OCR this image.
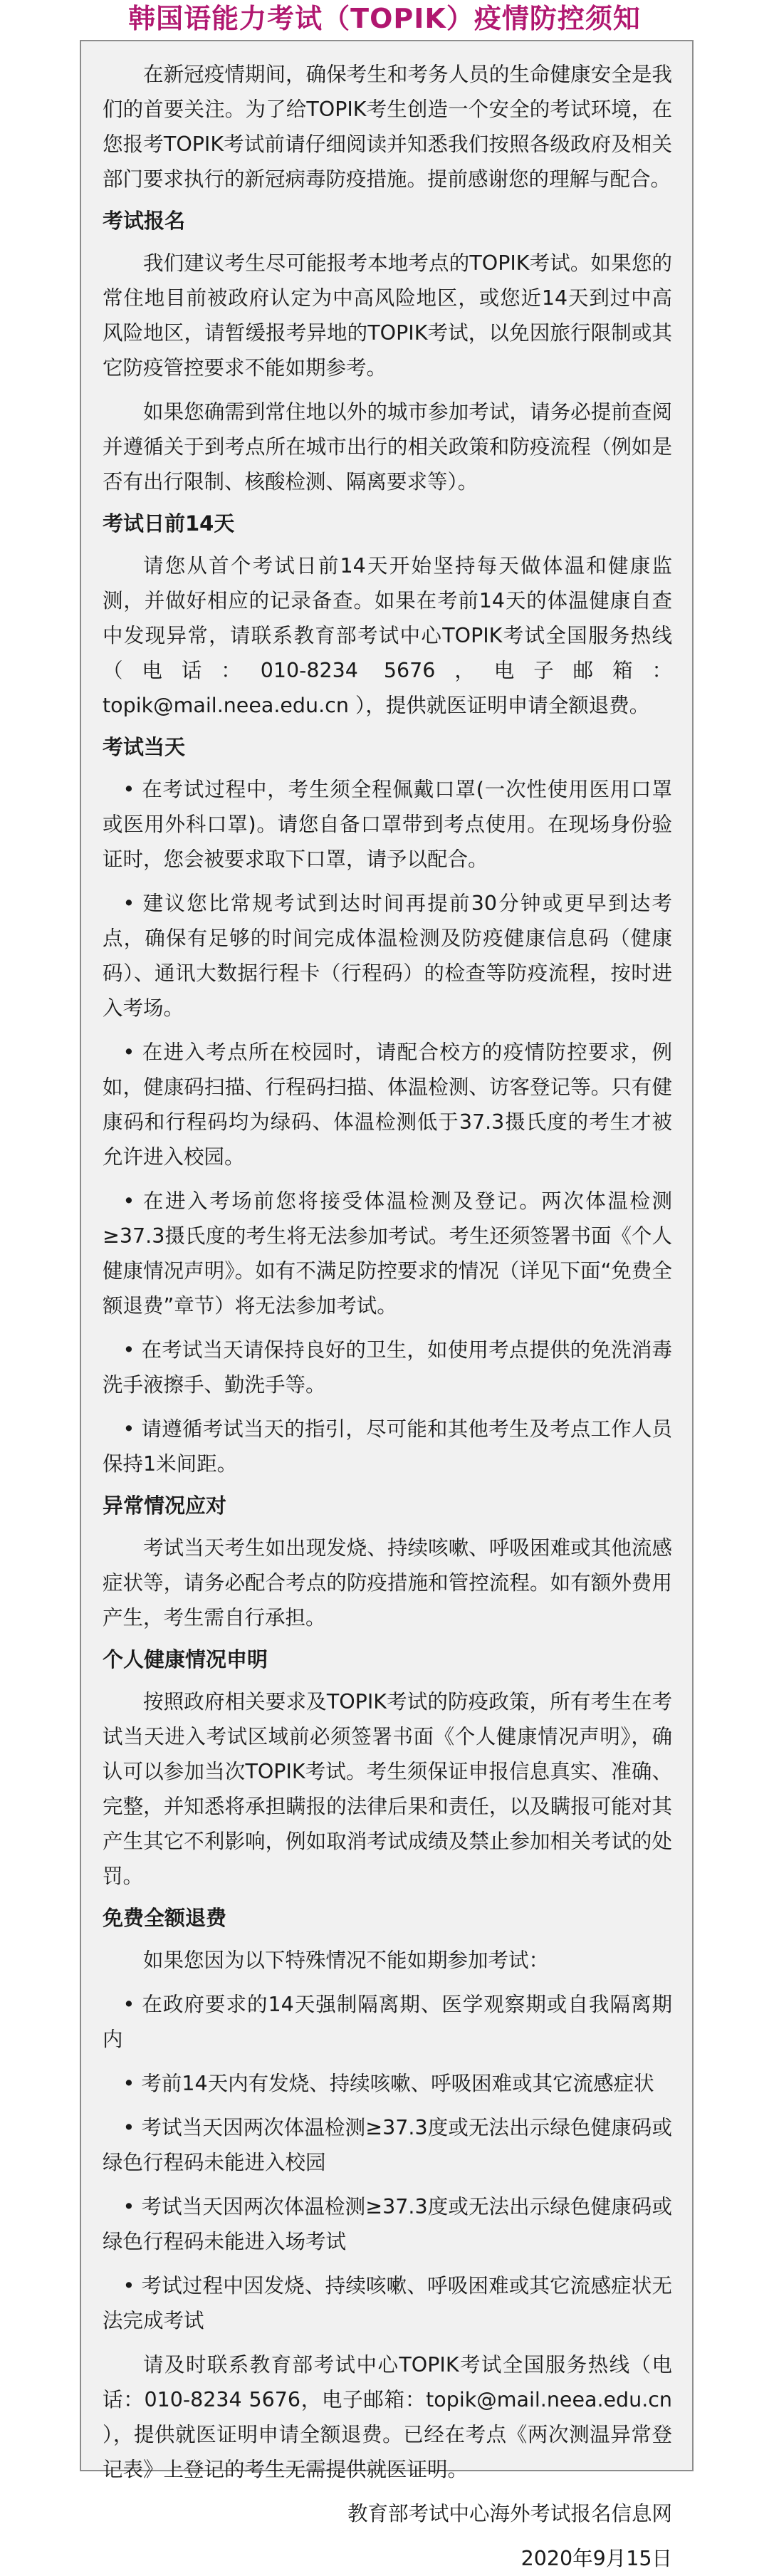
韩国语能力考试（TOPIK）疫情防控须知

在新冠疫情期间，确保考生和考务人员的生命健康安全是我们的首要关注。为了给TOPIK考生创造一个安全的考试环境，在您报考TOPIK考试前请仔细阅读并知悉我们按照各级政府及相关部门要求执行的新冠病毒防疫措施。提前感谢您的理解与配合。

考试报名

我们建议考生尽可能报考本地考点的TOPIK考试。如果您的常住地目前被政府认定为中高风险地区，或您近14天到过中高风险地区，请暂缓报考异地的TOPIK考试，以免因旅行限制或其它防疫管控要求不能如期参考。

如果您确需到常住地以外的城市参加考试，请务必提前查阅并遵循关于到考点所在城市出行的相关政策和防疫流程（例如是否有出行限制、核酸检测、隔离要求等）。

考试日前14天

请您从首个考试日前14天开始坚持每天做体温和健康监测，并做好相应的记录备查。如果在考前14天的体温健康自查中发现异常，请联系教育部考试中心TOPIK考试全国服务热线（电话：010-8234 5676，电子邮箱：topik@mail.neea.edu.cn ），提供就医证明申请全额退费。

考试当天

• 在考试过程中，考生须全程佩戴口罩(一次性使用医用口罩或医用外科口罩)。请您自备口罩带到考点使用。在现场身份验证时，您会被要求取下口罩，请予以配合。

• 建议您比常规考试到达时间再提前30分钟或更早到达考点，确保有足够的时间完成体温检测及防疫健康信息码（健康码）、通讯大数据行程卡（行程码）的检查等防疫流程，按时进入考场。

• 在进入考点所在校园时，请配合校方的疫情防控要求，例如，健康码扫描、行程码扫描、体温检测、访客登记等。只有健康码和行程码均为绿码、体温检测低于37.3摄氏度的考生才被允许进入校园。

• 在进入考场前您将接受体温检测及登记。两次体温检测≥37.3摄氏度的考生将无法参加考试。考生还须签署书面《个人健康情况声明》。如有不满足防控要求的情况（详见下面“免费全额退费”章节）将无法参加考试。

• 在考试当天请保持良好的卫生，如使用考点提供的免洗消毒洗手液擦手、勤洗手等。

• 请遵循考试当天的指引，尽可能和其他考生及考点工作人员保持1米间距。

异常情况应对

考试当天考生如出现发烧、持续咳嗽、呼吸困难或其他流感症状等，请务必配合考点的防疫措施和管控流程。如有额外费用产生，考生需自行承担。

个人健康情况申明

按照政府相关要求及TOPIK考试的防疫政策，所有考生在考试当天进入考试区域前必须签署书面《个人健康情况声明》，确认可以参加当次TOPIK考试。考生须保证申报信息真实、准确、完整，并知悉将承担瞒报的法律后果和责任，以及瞒报可能对其产生其它不利影响，例如取消考试成绩及禁止参加相关考试的处罚。

免费全额退费

如果您因为以下特殊情况不能如期参加考试：

• 在政府要求的14天强制隔离期、医学观察期或自我隔离期内

• 考前14天内有发烧、持续咳嗽、呼吸困难或其它流感症状

• 考试当天因两次体温检测≥37.3度或无法出示绿色健康码或绿色行程码未能进入校园

• 考试当天因两次体温检测≥37.3度或无法出示绿色健康码或绿色行程码未能进入场考试

• 考试过程中因发烧、持续咳嗽、呼吸困难或其它流感症状无法完成考试

请及时联系教育部考试中心TOPIK考试全国服务热线（电话：010-8234 5676，电子邮箱：topik@mail.neea.edu.cn ），提供就医证明申请全额退费。已经在考点《两次测温异常登记表》上登记的考生无需提供就医证明。

教育部考试中心海外考试报名信息网

2020年9月15日
